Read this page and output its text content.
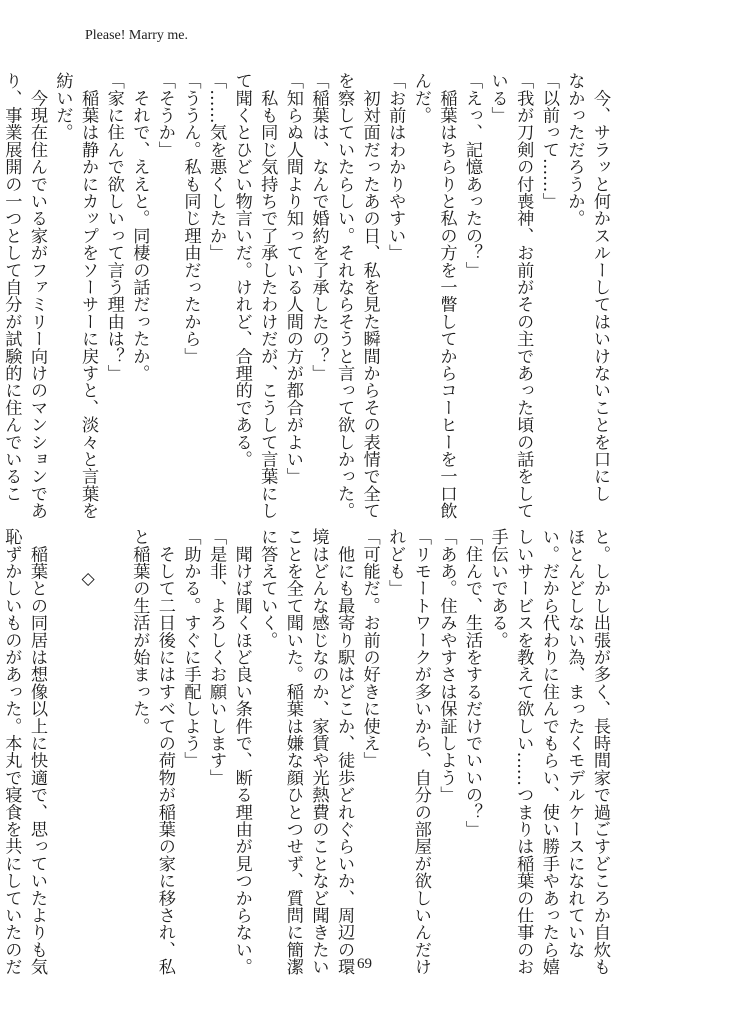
Please! Marry me.
　今、サラッと何かスルーしてはいけないことを口にし
なかっただろうか。
「以前って……」
「我が刀剣の付喪神、お前がその主であった頃の話をして
いる」
「えっ、記憶あったの？」
　稲葉はちらりと私の方を一瞥してからコーヒーを一口飲
んだ。
「お前はわかりやすい」
　初対面だったあの日、私を見た瞬間からその表情で全て
を察していたらしい。それならそうと言って欲しかった。
「稲葉は、なんで婚約を了承したの？」
「知らぬ人間より知っている人間の方が都合がよい」
　私も同じ気持ちで了承したわけだが、こうして言葉にし
て聞くとひどい物言いだ。けれど、合理的である。
「……気を悪くしたか」
「ううん。私も同じ理由だったから」
「そうか」
　それで、ええと。同棲の話だったか。
「家に住んで欲しいって言う理由は？」
　稲葉は静かにカップをソーサーに戻すと、淡々と言葉を
紡いだ。
　今現在住んでいる家がファミリー向けのマンションであ
り、事業展開の一つとして自分が試験的に住んでいるこ
と。しかし出張が多く、長時間家で過ごすどころか自炊も
ほとんどしない為、まったくモデルケースになれていな
い。だから代わりに住んでもらい、使い勝手やあったら嬉
しいサービスを教えて欲しい……つまりは稲葉の仕事のお
手伝いである。
「住んで、生活をするだけでいいの？」
「ああ。住みやすさは保証しよう」
「リモートワークが多いから、自分の部屋が欲しいんだけ
れども」
「可能だ。お前の好きに使え」
　他にも最寄り駅はどこか、徒歩どれぐらいか、周辺の環
境はどんな感じなのか、家賃や光熱費のことなど聞きたい
ことを全て聞いた。稲葉は嫌な顔ひとつせず、質問に簡潔
に答えていく。
　聞けば聞くほど良い条件で、断る理由が見つからない。
「是非、よろしくお願いします」
「助かる。すぐに手配しよう」
　そして二日後にはすべての荷物が稲葉の家に移され、私
と稲葉の生活が始まった。
◇
　稲葉との同居は想像以上に快適で、思っていたよりも気
恥ずかしいものがあった。本丸で寝食を共にしていたのだ	69
